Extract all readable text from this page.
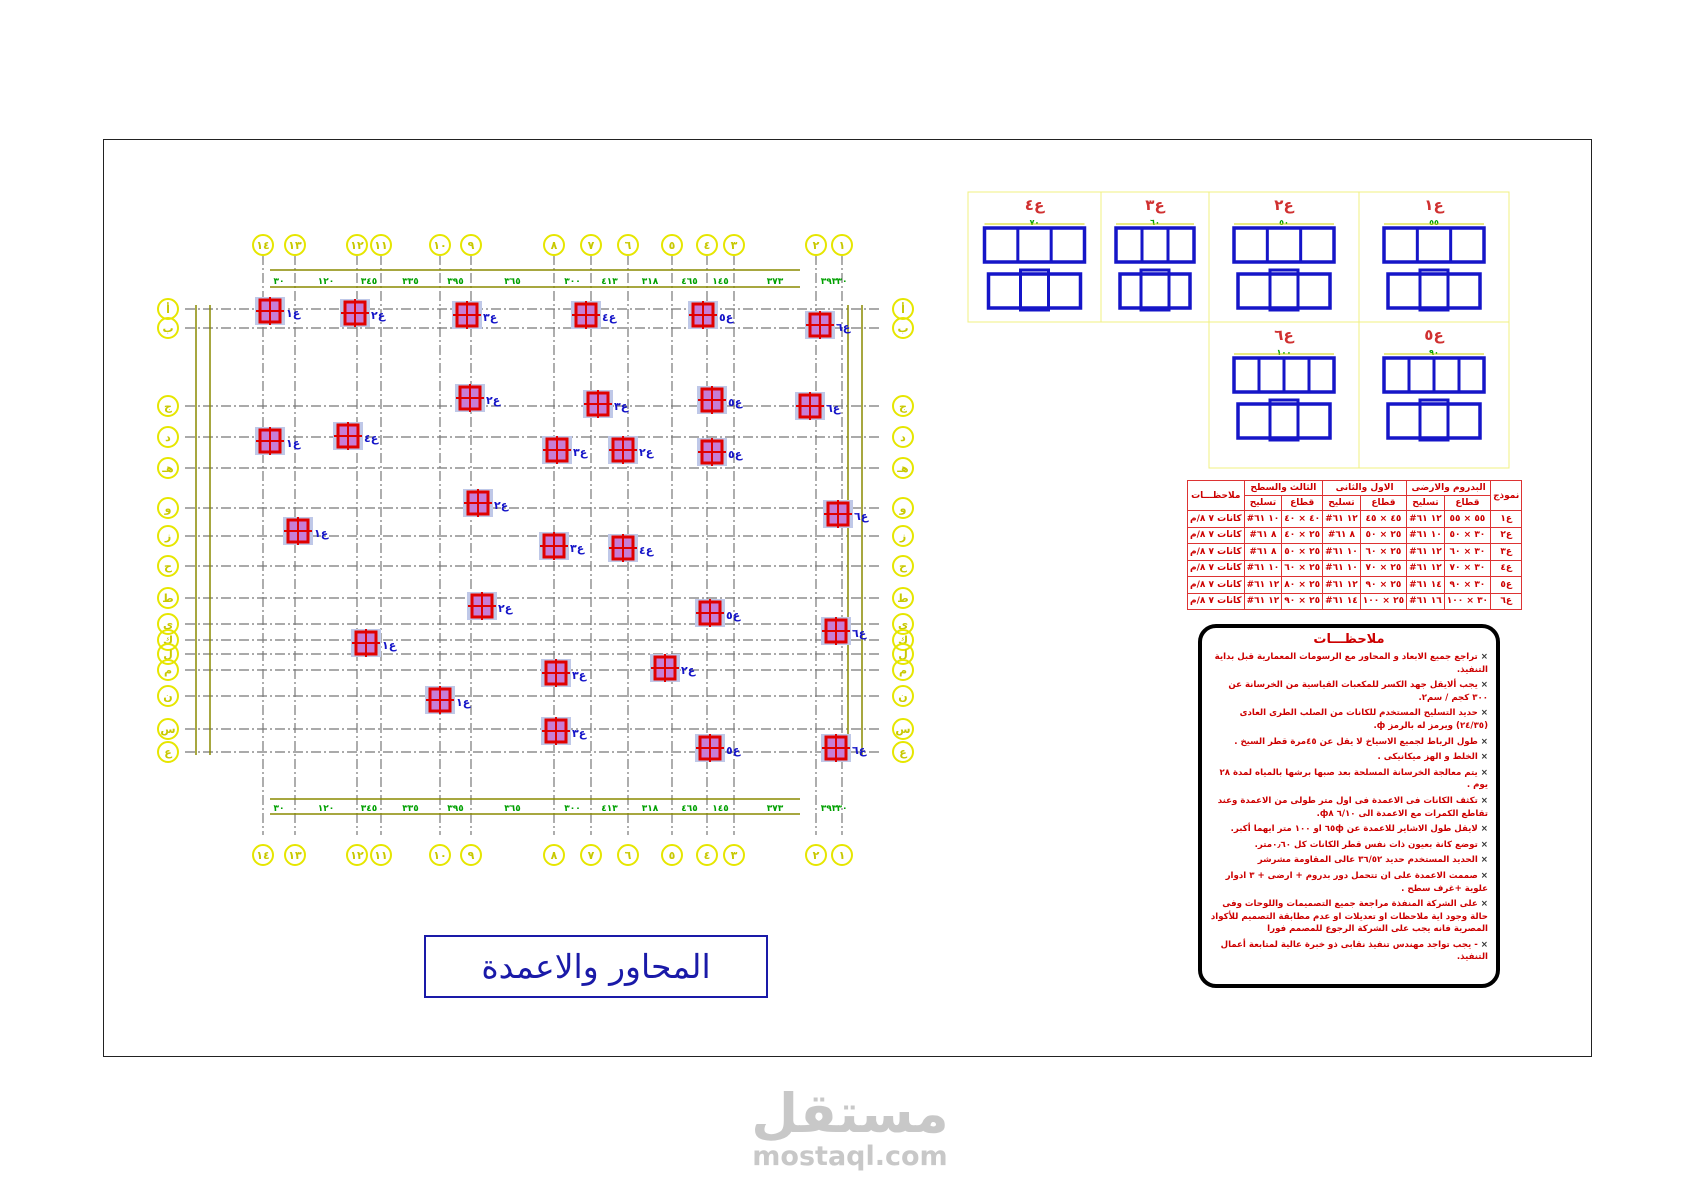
٣٠
٣٠
١٢٠
١٢٠
٣٤٥
٣٤٥
٣٣٥
٣٣٥
٣٩٥
٣٩٥
٣٦٥
٣٦٥
٣٠٠
٣٠٠
٤١٣
٤١٣
٣١٨
٣١٨
٤٦٥
٤٦٥
١٤٥
١٤٥
٣٧٣
٣٧٣
٣٩٣
٣٩٣
٣٠
٣٠
١٤
١٤
١٣
١٣
١٢
١٢
١١
١١
١٠
١٠
٩
٩
٨
٨
٧
٧
٦
٦
٥
٥
٤
٤
٣
٣
٢
٢
١
١
أ	أ
ب	ب
ج	ج
د	د
هـ	هـ
و	و
ز	ز
ح	ح
ط	ط
ي	ي
ك	ك
ل	ل
م	م
ن	ن
س	س
ع	ع
ع١	ع٢	ع٣	ع٤	ع٥
ع٦
ع٢	ع٣	ع٥	ع٦
ع١	ع٤
ع٣	ع٢	ع٥
ع٢
ع٦
ع١
ع٣	ع٤
ع٢
ع٥
ع١
ع٦
ع٣	ع٢
ع١
ع٣
ع٥	ع٦
ع٤
٧٠
ع٣
٦٠
ع٢
٥٠
ع١
٥٥
ع٦
١٠٠
ع٥
٩٠
المحاور والاعمدة
نموذج	البدروم والارضى		الاول والثانى		الثالث والسطح		ملاحظـــات
	قطاع	تسليح	قطاع	تسليح	قطاع	تسليح	
ع١	٥٥ × ٥٥	١٢ ٦١#	٤٥ × ٤٥	١٢ ٦١#	٤٠ × ٤٠	١٠ ٦١#	كانات ٧ ٨/م
ع٢	٣٠ × ٥٠	١٠ ٦١#	٢٥ × ٥٠	٨ ٦١#	٢٥ × ٤٠	٨ ٦١#	كانات ٧ ٨/م
ع٣	٣٠ × ٦٠	١٢ ٦١#	٢٥ × ٦٠	١٠ ٦١#	٢٥ × ٥٠	٨ ٦١#	كانات ٧ ٨/م
ع٤	٣٠ × ٧٠	١٢ ٦١#	٢٥ × ٧٠	١٠ ٦١#	٢٥ × ٦٠	١٠ ٦١#	كانات ٧ ٨/م
ع٥	٣٠ × ٩٠	١٤ ٦١#	٢٥ × ٩٠	١٢ ٦١#	٢٥ × ٨٠	١٢ ٦١#	كانات ٧ ٨/م
ع٦	٣٠ × ١٠٠	١٦ ٦١#	٢٥ × ١٠٠	١٤ ٦١#	٢٥ × ٩٠	١٢ ٦١#	كانات ٧ ٨/م
ملاحظـــات
× تراجع جميع الابعاد و المحاور مع الرسومات المعمارية قبل بداية التنفيذ.
× يجب ألايقل جهد الكسر للمكعبات القياسية من الخرسانة عن ٣٠٠ كجم / سم٢.
× حديد التسليح المستخدم للكانات من الصلب الطرى العادى (٢٤/٣٥) ويرمز له بالرمز ф.
× طول الرباط لجميع الاسياخ لا يقل عن ٤٥مرة قطر السيخ .
× الخلط و الهز ميكانيكى .
× يتم معالجة الخرسانة المسلحة بعد صبها برشها بالمياه لمدة ٢٨ يوم .
× تكثف الكانات فى الاعمدة فى اول متر طولى من الاعمدة وعند تقاطع الكمرات مع الاعمدة الى ٦/١٠ ф٨.
× لايقل طول الاشاير للاعمدة عن ٦٥ф او ١٠٠ متر ايهما أكبر.
× توضع كانة بعيون ذات نفس قطر الكانات كل ٠٫٦٠متر.
× الحديد المستخدم حديد ٣٦/٥٢ عالى المقاومة مشرشر
× صممت الاعمدة على ان تتحمل دور بدروم + ارضى + ٣ ادوار علوية +غرف سطح .
× على الشركة المنفذة مراجعة جميع التصميمات واللوحات وفى حالة وجود اية ملاحظات او تعديلات او عدم مطابقة التصميم للأكواد المصرية فانه يجب على الشركة الرجوع للمصمم فورا
× - يجب تواجد مهندس تنفيذ نقابى ذو خبرة عالية لمتابعة أعمال التنفيذ.
مستقل
mostaql.com
